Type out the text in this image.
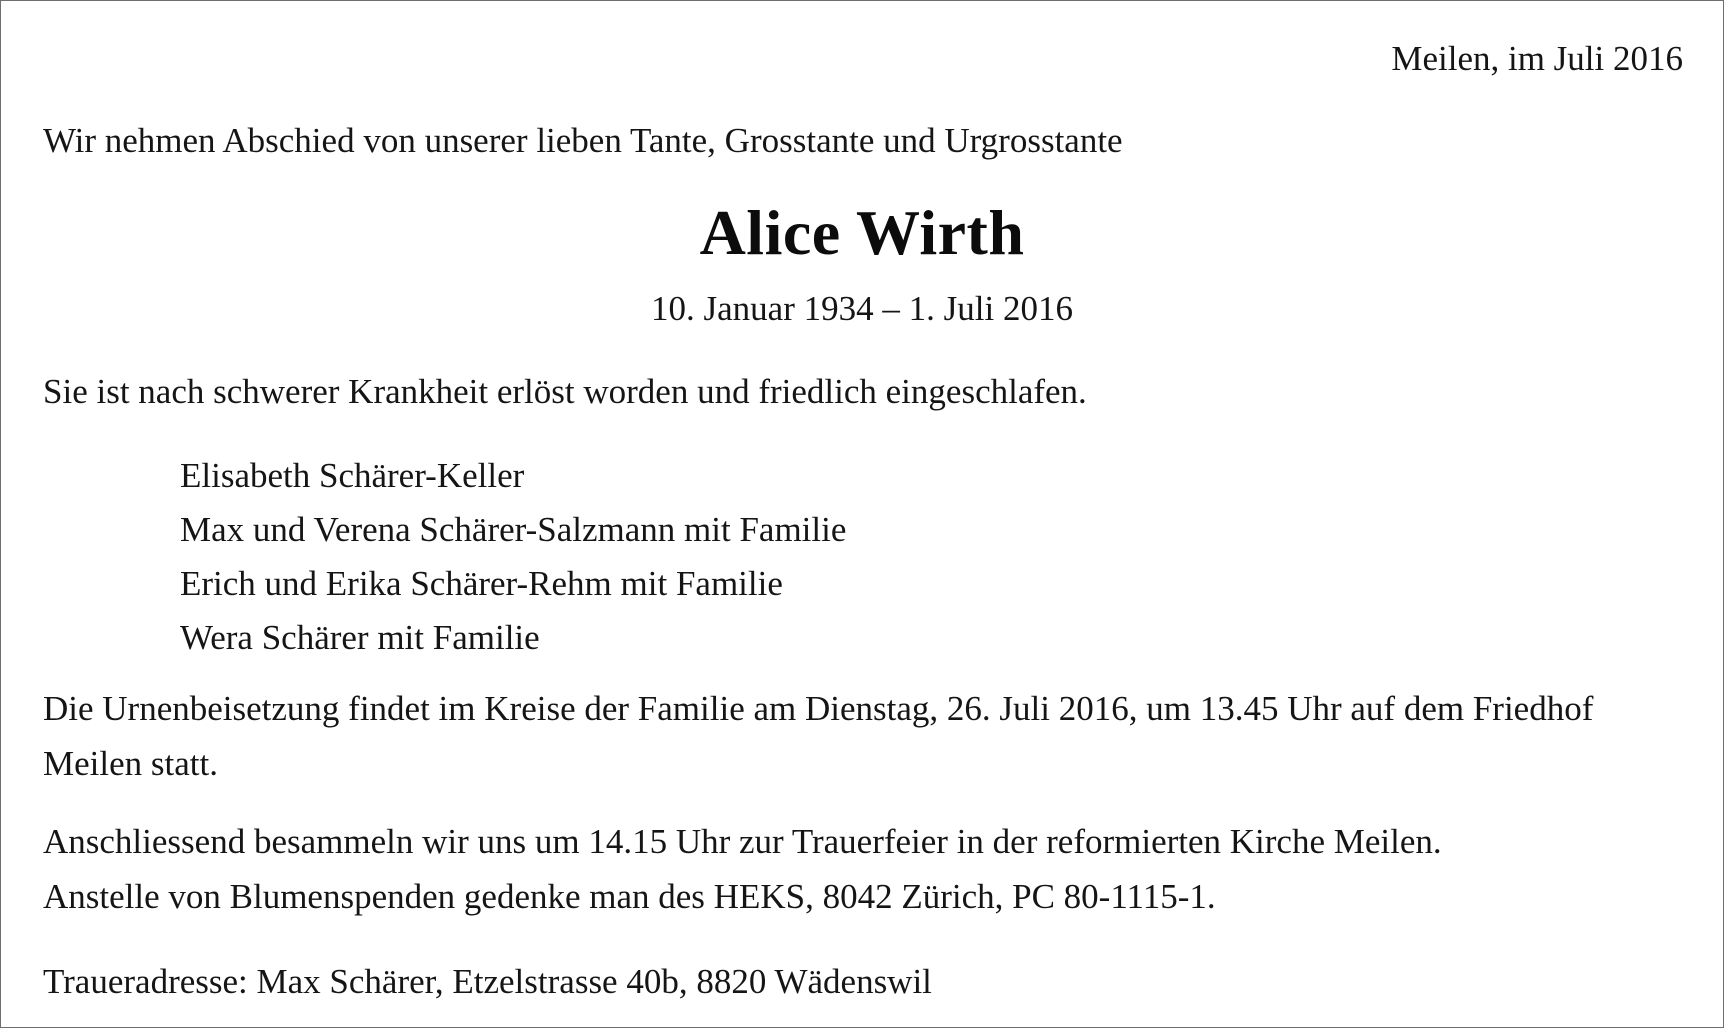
Meilen, im Juli 2016

Wir nehmen Abschied von unserer lieben Tante, Grosstante und Urgrosstante

Alice Wirth

10. Januar 1934 – 1. Juli 2016

Sie ist nach schwerer Krankheit erlöst worden und friedlich eingeschlafen.

Elisabeth Schärer-Keller
Max und Verena Schärer-Salzmann mit Familie
Erich und Erika Schärer-Rehm mit Familie
Wera Schärer mit Familie

Die Urnenbeisetzung findet im Kreise der Familie am Dienstag, 26. Juli 2016, um 13.45 Uhr auf dem Friedhof Meilen statt.

Anschliessend besammeln wir uns um 14.15 Uhr zur Trauerfeier in der reformierten Kirche Meilen.

Anstelle von Blumenspenden gedenke man des HEKS, 8042 Zürich, PC 80-1115-1.

Traueradresse: Max Schärer, Etzelstrasse 40b, 8820 Wädenswil
